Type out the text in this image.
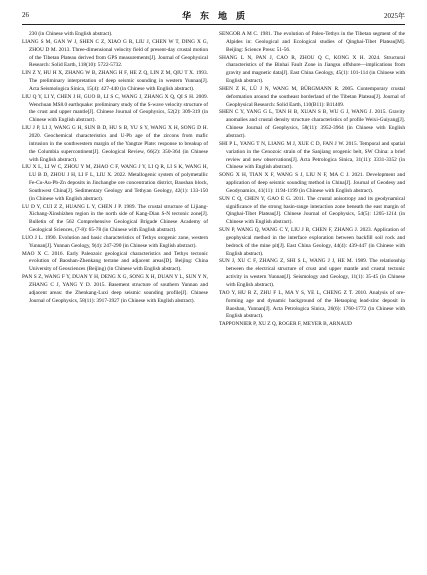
26	华东地质	2025年

230 (in Chinese with English abstract).

LIANG S M, GAN W J, SHEN C Z, XIAO G R, LIU J, CHEN W T, DING X G, ZHOU D M. 2013. Three-dimensional velocity field of present-day crustal motion of the Tibetan Plateau derived from GPS measurements[J]. Journal of Geophysical Research: Solid Earth, 118(10): 5722-5732.

LIN Z Y, HU H X, ZHANG W B, ZHANG H F, HE Z Q, LIN Z M, QIU T X. 1993. The preliminary interpretation of deep seismic sounding in western Yunnan[J]. Acta Seismologica Sinica, 15(4): 427-440 (in Chinese with English abstract).

LIU Q Y, LI Y, CHEN J H, GUO B, LI S C, WANG J, ZHANG X Q, QI S H. 2009. Wenchuan MS8.0 earthquake: preliminary study of the S-wave velocity structure of the crust and upper mantle[J]. Chinese Journal of Geophysics, 52(2): 309-319 (in Chinese with English abstract).

LIU J P, LI J, WANG G H, SUN B D, HU S B, YU S Y, WANG X H, SONG D H. 2020. Geochemical characteristics and U-Pb age of the zircons from mafic intrusion in the southwestern margin of the Yangtze Plate: response to breakup of the Columbia supercontinent[J]. Geological Review, 66(2): 350-364 (in Chinese with English abstract).

LIU X L, LI W C, ZHOU Y M, ZHAO C F, WANG J Y, LI Q R, LI S K, WANG H, LU B D, ZHOU J H, LI F L, LIU X. 2022. Metallogenic system of polymetallic Fe-Cu-Au-Pb-Zn deposits in Jinchangbe ore concentration district, Baoshan block, Southwest China[J]. Sedimentary Geology and Tethyan Geology, 42(1): 133-150 (in Chinese with English abstract).

LU D Y, CUI Z Z, HUANG L Y, CHEN J P. 1989. The crustal structure of Lijiang-Xichang-Xinshizhen region in the north side of Kang-Dian S-N tectonic zone[J]. Bulletin of the 562 Comprehensive Geological Brigade Chinese Academy of Geological Sciences, (7-8): 65-78 (in Chinese with English abstract).

LUO J L. 1990. Evolution and basic characteristics of Tethys orogenic zone, western Yunnan[J]. Yunnan Geology, 9(4): 247-290 (in Chinese with English abstract).

MAO X C. 2016. Early Paleozoic geological characteristics and Tethys tectonic evolution of Baoshan-Zhenkang terrane and adjacent areas[D]. Beijing: China University of Geosciences (Beijing) (in Chinese with English abstract).

PAN S Z, WANG F Y, DUAN Y H, DENG X G, SONG X H, DUAN Y L, SUN Y N, ZHANG C J, YANG Y D. 2015. Basement structure of southern Yunnan and adjacent areas: the Zhenkang-Luxi deep seismic sounding profile[J]. Chinese Journal of Geophysics, 58(11): 3917-3927 (in Chinese with English abstract).

SENGÖR A M C. 1981. The evolution of Paleo-Tethys in the Tibetan segment of the Alpides in: Geological and Ecological studies of Qinghai-Tibet Plateau[M]. Beijing: Science Press: 51-56.

SHANG L N, PAN J, CAO R, ZHOU Q C, KONG X H. 2024. Structural characteristics of the Binhai Fault Zone in Jiangsu offshore—implications from gravity and magnetic data[J]. East China Geology, 45(1): 101-114 (in Chinese with English abstract).

SHEN Z K, LÜ J N, WANG M, BÜRGMANN R. 2005. Contemporary crustal deformation around the southeast borderland of the Tibetan Plateau[J]. Journal of Geophysical Research: Solid Earth, 110(B11): B11409.

SHEN C Y, YANG G L, TAN H B, XUAN S B, WU G J, WANG J. 2015. Gravity anomalies and crustal density structure characteristics of profile Weixi-Guiyang[J]. Chinese Journal of Geophysics, 58(11): 3952-3964 (in Chinese with English abstract).

SHI P L, YANG T N, LIANG M J, XUE C D, FAN J W. 2015. Temporal and spatial variation in the Cenozoic strain of the Sanjiang orogenic belt, SW China: a brief review and new observations[J]. Acta Petrologica Sinica, 31(11): 3331-3352 (in Chinese with English abstract).

SONG X H, TIAN X F, WANG S J, LIU N F, MA C J. 2021. Development and application of deep seismic sounding method in China[J]. Journal of Geodesy and Geodynamics, 41(11): 1194-1199 (in Chinese with English abstract).

SUN C Q, CHEN Y, GAO E G. 2011. The crustal anisotropy and its geodynamical significance of the strong basin-range interaction zone beneath the east margin of Qinghai-Tibet Plateau[J]. Chinese Journal of Geophysics, 54(5): 1205-1214 (in Chinese with English abstract).

SUN P, WANG Q, WANG C Y, LIU J B, CHEN F, ZHANG J. 2023. Application of geophysical method in the interface exploration between backfill soil rock and bedrock of the mine pit[J]. East China Geology, 44(4): 439-447 (in Chinese with English abstract).

SUN J, XU C F, ZHANG Z, SHI S L, WANG J J, HE M. 1989. The relationship between the electrical structure of crust and upper mantle and crustal tectonic activity in western Yunnan[J]. Seismology and Geology, 11(1): 35-45 (in Chinese with English abstract).

TAO Y, HU R Z, ZHU F L, MA Y S, YE L, CHENG Z T. 2010. Analysis of ore-forming age and dynamic background of the Hetaoping lead-zinc deposit in Baoshan, Yunnan[J]. Acta Petrologica Sinica, 26(6): 1760-1772 (in Chinese with English abstract).

TAPPONNIER P, XU Z Q, ROGER F, MEYER B, ARNAUD
